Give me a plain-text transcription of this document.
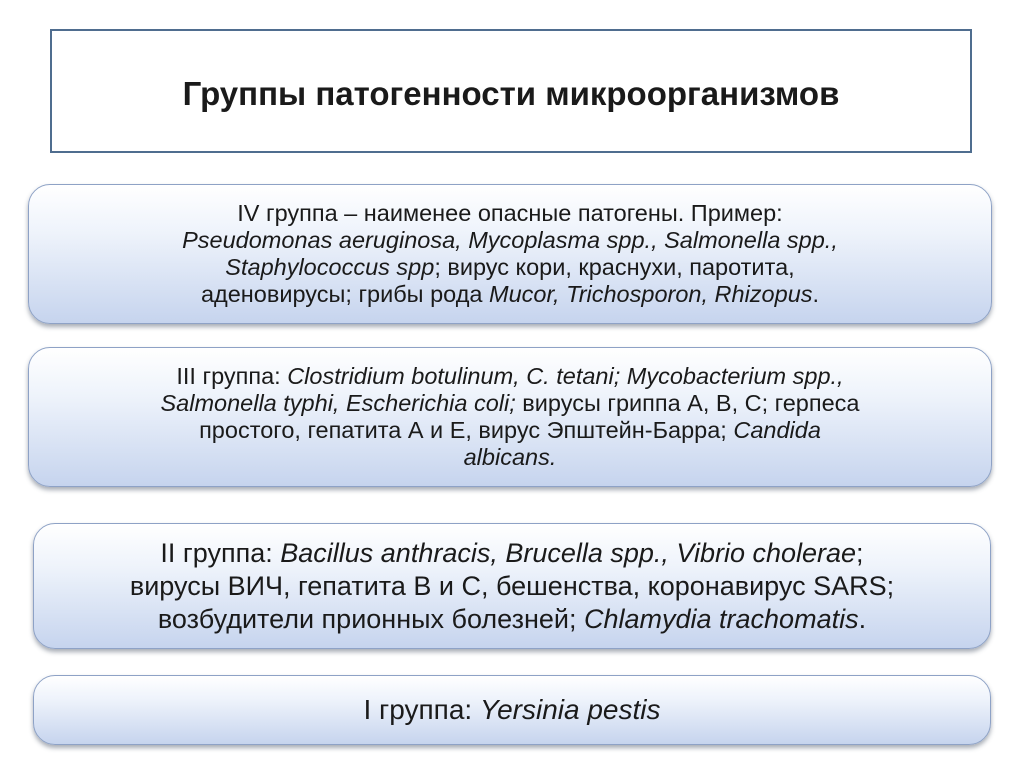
Группы патогенности микроорганизмов
IV группа – наименее опасные патогены. Пример:
Pseudomonas aeruginosa, Mycoplasma spp., Salmonella spp.,
Staphylococcus spp; вирус кори, краснухи, паротита,
аденовирусы; грибы рода Mucor, Trichosporon, Rhizopus.
III группа: Clostridium botulinum, C. tetani; Mycobacterium spp.,
Salmonella typhi, Escherichia coli; вирусы гриппа А, В, С; герпеса
простого, гепатита А и Е, вирус Эпштейн-Барра; Candida
albicans.
II группа: Bacillus anthracis, Brucella spp., Vibrio cholerae;
вирусы ВИЧ, гепатита В и С, бешенства, коронавирус SARS;
возбудители прионных болезней; Chlamydia trachomatis.
I группа: Yersinia pestis
